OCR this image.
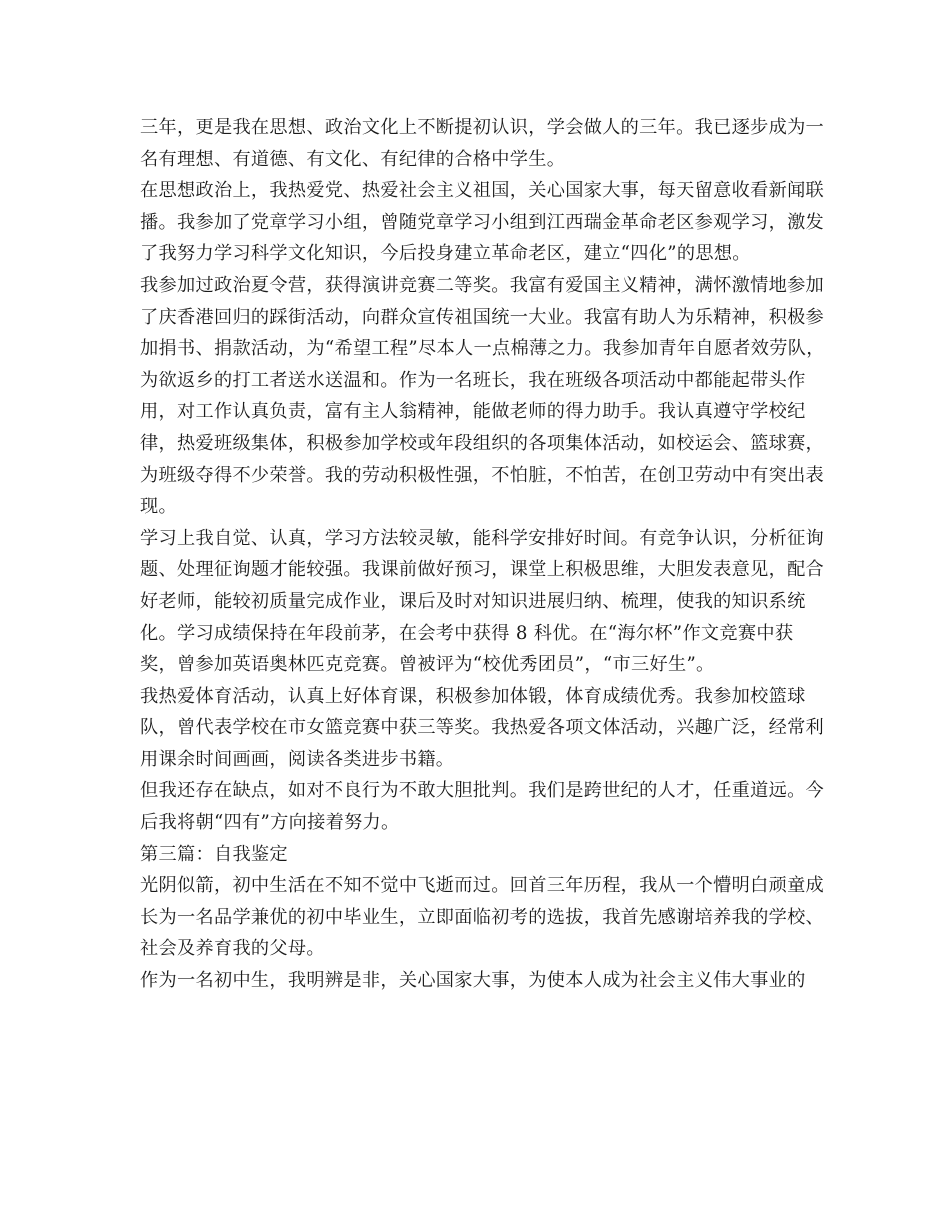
三年，更是我在思想、政治文化上不断提初认识，学会做人的三年。我已逐步成为一名有理想、有道德、有文化、有纪律的合格中学生。

在思想政治上，我热爱党、热爱社会主义祖国，关心国家大事，每天留意收看新闻联播。我参加了党章学习小组，曾随党章学习小组到江西瑞金革命老区参观学习，激发了我努力学习科学文化知识，今后投身建立革命老区，建立“四化”的思想。

我参加过政治夏令营，获得演讲竞赛二等奖。我富有爱国主义精神，满怀激情地参加了庆香港回归的踩街活动，向群众宣传祖国统一大业。我富有助人为乐精神，积极参加捐书、捐款活动，为“希望工程”尽本人一点棉薄之力。我参加青年自愿者效劳队，为欲返乡的打工者送水送温和。作为一名班长，我在班级各项活动中都能起带头作用，对工作认真负责，富有主人翁精神，能做老师的得力助手。我认真遵守学校纪律，热爱班级集体，积极参加学校或年段组织的各项集体活动，如校运会、篮球赛，为班级夺得不少荣誉。我的劳动积极性强，不怕脏，不怕苦，在创卫劳动中有突出表现。

学习上我自觉、认真，学习方法较灵敏，能科学安排好时间。有竞争认识，分析征询题、处理征询题才能较强。我课前做好预习，课堂上积极思维，大胆发表意见，配合好老师，能较初质量完成作业，课后及时对知识进展归纳、梳理，使我的知识系统化。学习成绩保持在年段前茅，在会考中获得 8 科优。在“海尔杯”作文竞赛中获奖，曾参加英语奥林匹克竞赛。曾被评为“校优秀团员”，“市三好生”。

我热爱体育活动，认真上好体育课，积极参加体锻，体育成绩优秀。我参加校篮球队，曾代表学校在市女篮竞赛中获三等奖。我热爱各项文体活动，兴趣广泛，经常利用课余时间画画，阅读各类进步书籍。

但我还存在缺点，如对不良行为不敢大胆批判。我们是跨世纪的人才，任重道远。今后我将朝“四有”方向接着努力。

第三篇：自我鉴定

光阴似箭，初中生活在不知不觉中飞逝而过。回首三年历程，我从一个懵明白顽童成长为一名品学兼优的初中毕业生，立即面临初考的选拔，我首先感谢培养我的学校、社会及养育我的父母。

作为一名初中生，我明辨是非，关心国家大事，为使本人成为社会主义伟大事业的
